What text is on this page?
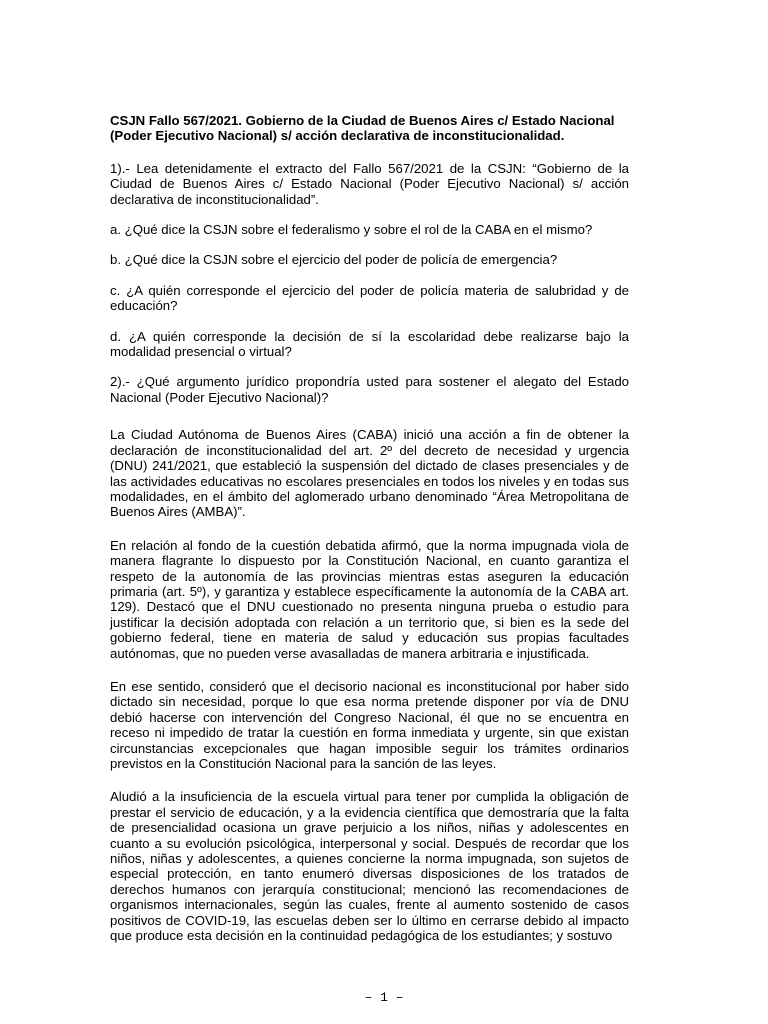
CSJN Fallo 567/2021. Gobierno de la Ciudad de Buenos Aires c/ Estado Nacional (Poder Ejecutivo Nacional) s/ acción declarativa de inconstitucionalidad.

1).- Lea detenidamente el extracto del Fallo 567/2021 de la CSJN: “Gobierno de la Ciudad de Buenos Aires c/ Estado Nacional (Poder Ejecutivo Nacional) s/ acción declarativa de inconstitucionalidad”.

a. ¿Qué dice la CSJN sobre el federalismo y sobre el rol de la CABA en el mismo?

b. ¿Qué dice la CSJN sobre el ejercicio del poder de policía de emergencia?

c. ¿A quién corresponde el ejercicio del poder de policía materia de salubridad y de educación?

d. ¿A quién corresponde la decisión de sí la escolaridad debe realizarse bajo la modalidad presencial o virtual?

2).- ¿Qué argumento jurídico propondría usted para sostener el alegato del Estado Nacional (Poder Ejecutivo Nacional)?

La Ciudad Autónoma de Buenos Aires (CABA) inició una acción a fin de obtener la declaración de inconstitucionalidad del art. 2º del decreto de necesidad y urgencia (DNU) 241/2021, que estableció la suspensión del dictado de clases presenciales y de las actividades educativas no escolares presenciales en todos los niveles y en todas sus modalidades, en el ámbito del aglomerado urbano denominado “Área Metropolitana de Buenos Aires (AMBA)”.

En relación al fondo de la cuestión debatida afirmó, que la norma impugnada viola de manera flagrante lo dispuesto por la Constitución Nacional, en cuanto garantiza el respeto de la autonomía de las provincias mientras estas aseguren la educación primaria (art. 5º), y garantiza y establece específicamente la autonomía de la CABA art. 129). Destacó que el DNU cuestionado no presenta ninguna prueba o estudio para justificar la decisión adoptada con relación a un territorio que, si bien es la sede del gobierno federal, tiene en materia de salud y educación sus propias facultades autónomas, que no pueden verse avasalladas de manera arbitraria e injustificada.

En ese sentido, consideró que el decisorio nacional es inconstitucional por haber sido dictado sin necesidad, porque lo que esa norma pretende disponer por vía de DNU debió hacerse con intervención del Congreso Nacional, él que no se encuentra en receso ni impedido de tratar la cuestión en forma inmediata y urgente, sin que existan circunstancias excepcionales que hagan imposible seguir los trámites ordinarios previstos en la Constitución Nacional para la sanción de las leyes.

Aludió a la insuficiencia de la escuela virtual para tener por cumplida la obligación de prestar el servicio de educación, y a la evidencia científica que demostraría que la falta de presencialidad ocasiona un grave perjuicio a los niños, niñas y adolescentes en cuanto a su evolución psicológica, interpersonal y social. Después de recordar que los niños, niñas y adolescentes, a quienes concierne la norma impugnada, son sujetos de especial protección, en tanto enumeró diversas disposiciones de los tratados de derechos humanos con jerarquía constitucional; mencionó las recomendaciones de organismos internacionales, según las cuales, frente al aumento sostenido de casos positivos de COVID-19, las escuelas deben ser lo último en cerrarse debido al impacto que produce esta decisión en la continuidad pedagógica de los estudiantes; y sostuvo

– 1 –
